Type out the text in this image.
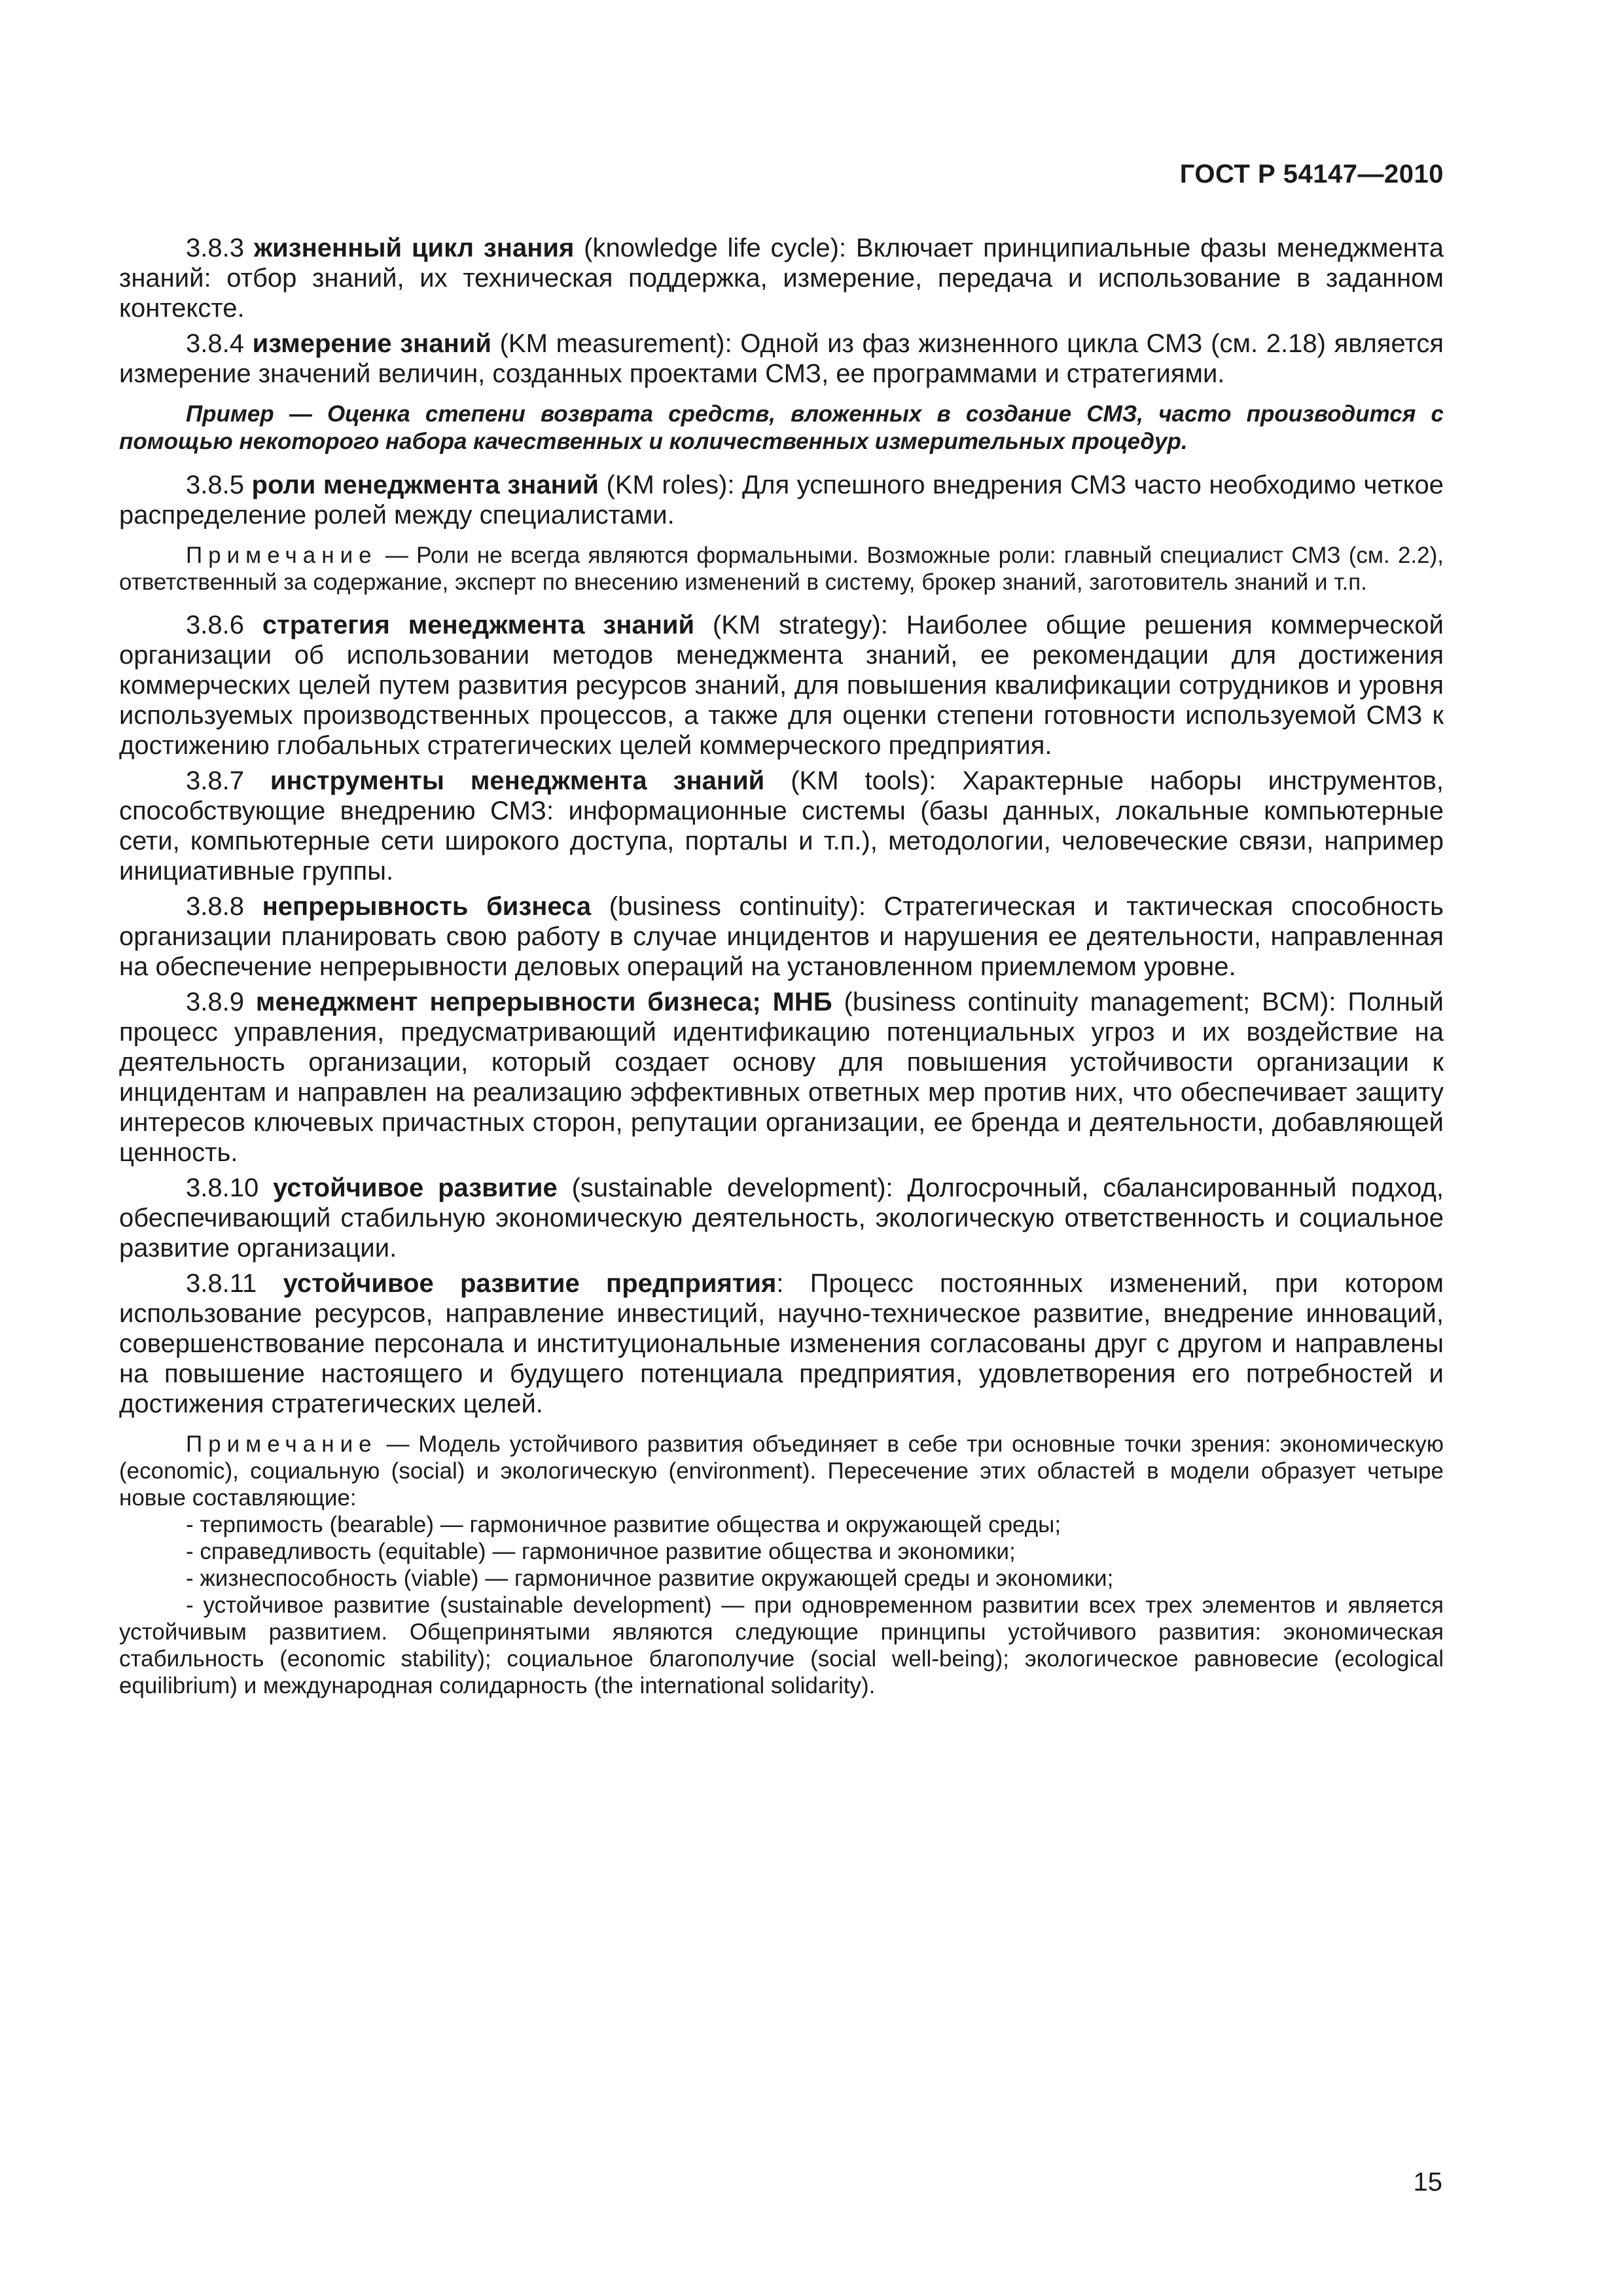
ГОСТ Р 54147—2010

3.8.3 жизненный цикл знания (knowledge life cycle): Включает принципиальные фазы менеджмента знаний: отбор знаний, их техническая поддержка, измерение, передача и использование в заданном контексте.

3.8.4 измерение знаний (KM measurement): Одной из фаз жизненного цикла СМЗ (см. 2.18) является измерение значений величин, созданных проектами СМЗ, ее программами и стратегиями.

Пример — Оценка степени возврата средств, вложенных в создание СМЗ, часто производится с помощью некоторого набора качественных и количественных измерительных процедур.

3.8.5 роли менеджмента знаний (KM roles): Для успешного внедрения СМЗ часто необходимо четкое распределение ролей между специалистами.

Примечание — Роли не всегда являются формальными. Возможные роли: главный специалист СМЗ (см. 2.2), ответственный за содержание, эксперт по внесению изменений в систему, брокер знаний, заготовитель знаний и т.п.

3.8.6 стратегия менеджмента знаний (KM strategy): Наиболее общие решения коммерческой организации об использовании методов менеджмента знаний, ее рекомендации для достижения коммерческих целей путем развития ресурсов знаний, для повышения квалификации сотрудников и уровня используемых производственных процессов, а также для оценки степени готовности используемой СМЗ к достижению глобальных стратегических целей коммерческого предприятия.

3.8.7 инструменты менеджмента знаний (KM tools): Характерные наборы инструментов, способствующие внедрению СМЗ: информационные системы (базы данных, локальные компьютерные сети, компьютерные сети широкого доступа, порталы и т.п.), методологии, человеческие связи, например инициативные группы.

3.8.8 непрерывность бизнеса (business continuity): Стратегическая и тактическая способность организации планировать свою работу в случае инцидентов и нарушения ее деятельности, направленная на обеспечение непрерывности деловых операций на установленном приемлемом уровне.

3.8.9 менеджмент непрерывности бизнеса; МНБ (business continuity management; BCM): Полный процесс управления, предусматривающий идентификацию потенциальных угроз и их воздействие на деятельность организации, который создает основу для повышения устойчивости организации к инцидентам и направлен на реализацию эффективных ответных мер против них, что обеспечивает защиту интересов ключевых причастных сторон, репутации организации, ее бренда и деятельности, добавляющей ценность.

3.8.10 устойчивое развитие (sustainable development): Долгосрочный, сбалансированный подход, обеспечивающий стабильную экономическую деятельность, экологическую ответственность и социальное развитие организации.

3.8.11 устойчивое развитие предприятия: Процесс постоянных изменений, при котором использование ресурсов, направление инвестиций, научно-техническое развитие, внедрение инноваций, совершенствование персонала и институциональные изменения согласованы друг с другом и направлены на повышение настоящего и будущего потенциала предприятия, удовлетворения его потребностей и достижения стратегических целей.

Примечание — Модель устойчивого развития объединяет в себе три основные точки зрения: экономическую (economic), социальную (social) и экологическую (environment). Пересечение этих областей в модели образует четыре новые составляющие:

- терпимость (bearable) — гармоничное развитие общества и окружающей среды;

- справедливость (equitable) — гармоничное развитие общества и экономики;

- жизнеспособность (viable) — гармоничное развитие окружающей среды и экономики;

- устойчивое развитие (sustainable development) — при одновременном развитии всех трех элементов и является устойчивым развитием. Общепринятыми являются следующие принципы устойчивого развития: экономическая стабильность (economic stability); социальное благополучие (social well-being); экологическое равновесие (ecological equilibrium) и международная солидарность (the international solidarity).

15
